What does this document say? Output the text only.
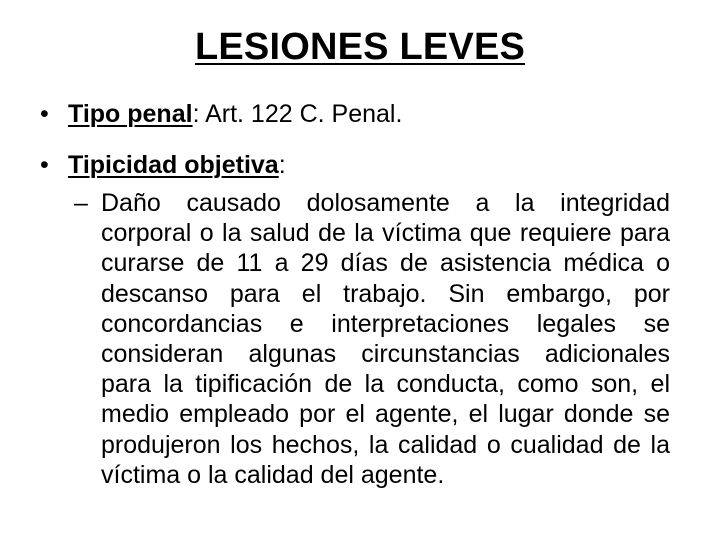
LESIONES LEVES
• Tipo penal: Art. 122 C. Penal.
• Tipicidad objetiva:
– Daño causado dolosamente a la integridad corporal o la salud de la víctima que requiere para curarse de 11 a 29 días de asistencia médica o descanso para el trabajo. Sin embargo, por concordancias e interpretaciones legales se consideran algunas circunstancias adicionales para la tipificación de la conducta, como son, el medio empleado por el agente, el lugar donde se produjeron los hechos, la calidad o cualidad de la víctima o la calidad del agente.
